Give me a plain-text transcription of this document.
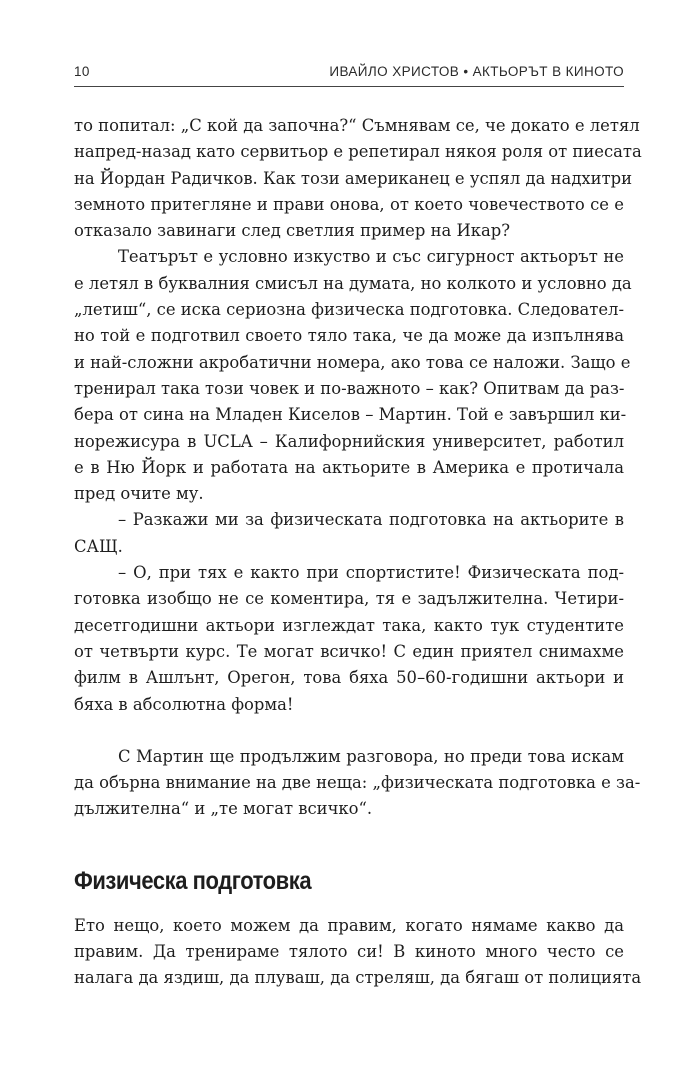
10	ИВАЙЛО ХРИСТОВ • АКТЬОРЪТ В КИНОТО
то попитал: „С кой да започна?“ Съмнявам се, че докато е летял
напред-назад като сервитьор е репетирал някоя роля от пиесата
на Йордан Радичков. Как този американец е успял да надхитри
земното притегляне и прави онова, от което човечеството се е
отказало завинаги след светлия пример на Икар?
Театърът е условно изкуство и със сигурност актьорът не
е летял в буквалния смисъл на думата, но колкото и условно да
„летиш“, се иска сериозна физическа подготовка. Следовател-
но той е подготвил своето тяло така, че да може да изпълнява
и най-сложни акробатични номера, ако това се наложи. Защо е
тренирал така този човек и по-важното – как? Опитвам да раз-
бера от сина на Младен Киселов – Мартин. Той е завършил ки-
норежисура в UCLA – Калифорнийския университет, работил
е в Ню Йорк и работата на актьорите в Америка е протичала
пред очите му.
– Разкажи ми за физическата подготовка на актьорите в
САЩ.
– О, при тях е както при спортистите! Физическата под-
готовка изобщо не се коментира, тя е задължителна. Четири-
десетгодишни актьори изглеждат така, както тук студентите
от четвърти курс. Те могат всичко! С един приятел снимахме
филм в Ашлънт, Орегон, това бяха 50–60-годишни актьори и
бяха в абсолютна форма!
С Мартин ще продължим разговора, но преди това искам
да обърна внимание на две неща: „физическата подготовка е за-
дължителна“ и „те могат всичко“.
Физическа подготовка
Ето нещо, което можем да правим, когато нямаме какво да
правим. Да тренираме тялото си! В киното много често се
налага да яздиш, да плуваш, да стреляш, да бягаш от полицията
